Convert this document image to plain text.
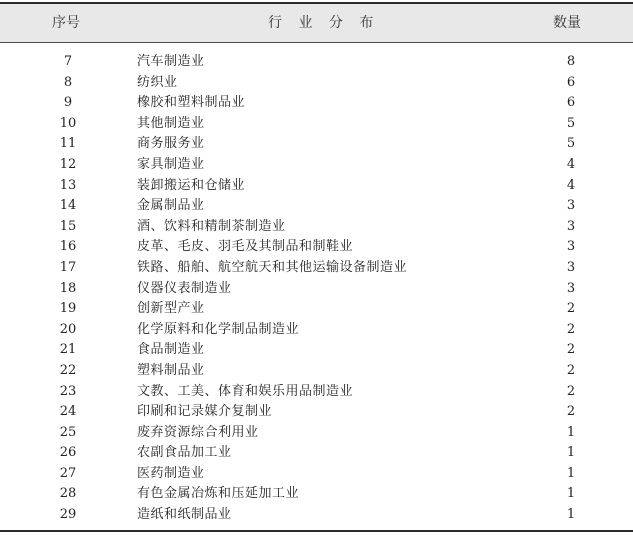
序号	行 业 分 布	数量
7	汽车制造业	8
8	纺织业	6
9	橡胶和塑料制品业	6
10	其他制造业	5
11	商务服务业	5
12	家具制造业	4
13	装卸搬运和仓储业	4
14	金属制品业	3
15	酒、饮料和精制茶制造业	3
16	皮革、毛皮、羽毛及其制品和制鞋业	3
17	铁路、船舶、航空航天和其他运输设备制造业	3
18	仪器仪表制造业	3
19	创新型产业	2
20	化学原料和化学制品制造业	2
21	食品制造业	2
22	塑料制品业	2
23	文教、工美、体育和娱乐用品制造业	2
24	印刷和记录媒介复制业	2
25	废弃资源综合利用业	1
26	农副食品加工业	1
27	医药制造业	1
28	有色金属冶炼和压延加工业	1
29	造纸和纸制品业	1
